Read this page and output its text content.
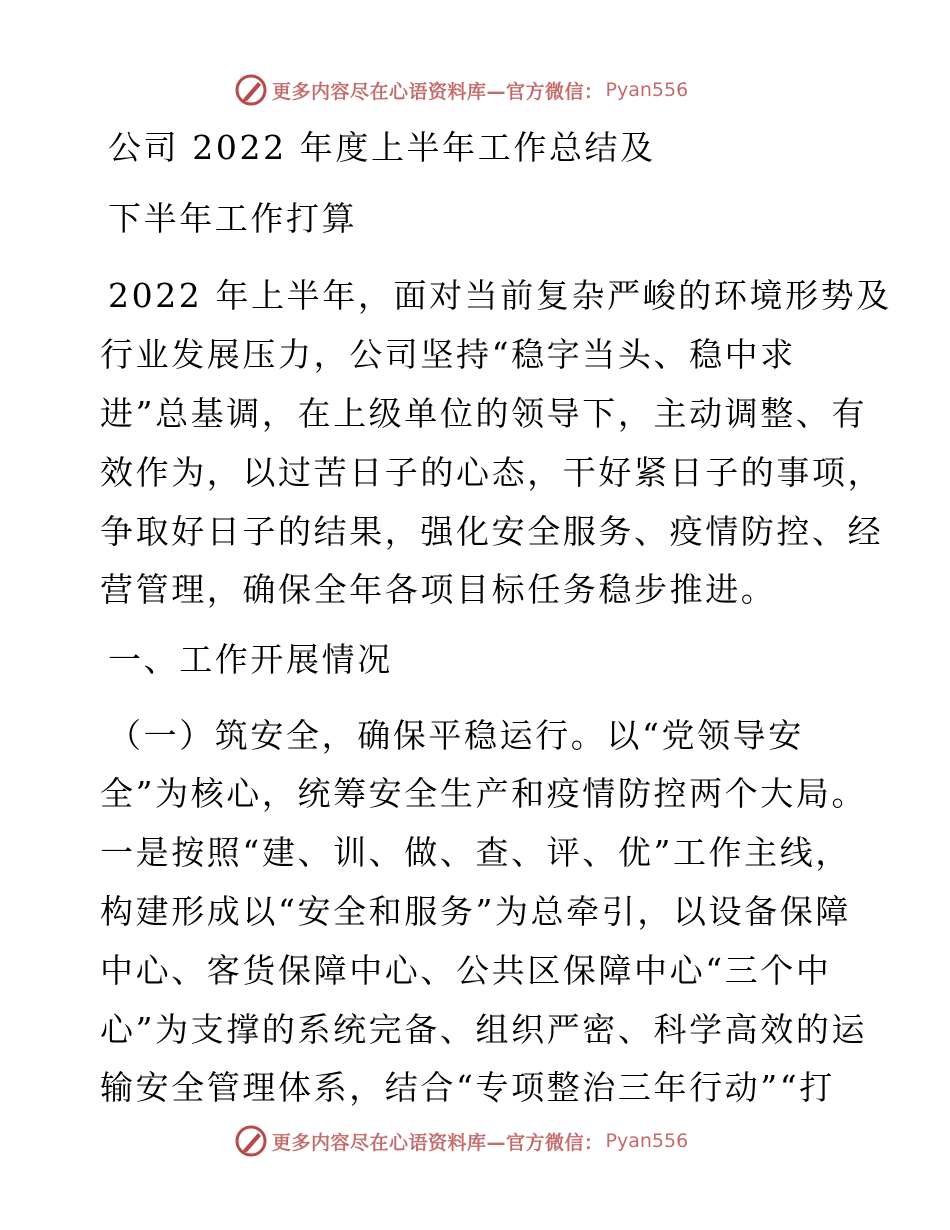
更多内容尽在心语资料库—官方微信： Pyan556
公司 2022 年度上半年工作总结及
下半年工作打算
2022 年上半年，面对当前复杂严峻的环境形势及
行业发展压力，公司坚持“稳字当头、稳中求
进”总基调，在上级单位的领导下，主动调整、有
效作为，以过苦日子的心态，干好紧日子的事项，
争取好日子的结果，强化安全服务、疫情防控、经
营管理，确保全年各项目标任务稳步推进。
一、工作开展情况
（一）筑安全，确保平稳运行。以“党领导安
全”为核心，统筹安全生产和疫情防控两个大局。
一是按照“建、训、做、查、评、优”工作主线，
构建形成以“安全和服务”为总牵引，以设备保障
中心、客货保障中心、公共区保障中心“三个中
心”为支撑的系统完备、组织严密、科学高效的运
输安全管理体系，结合“专项整治三年行动”“打
更多内容尽在心语资料库—官方微信： Pyan556
